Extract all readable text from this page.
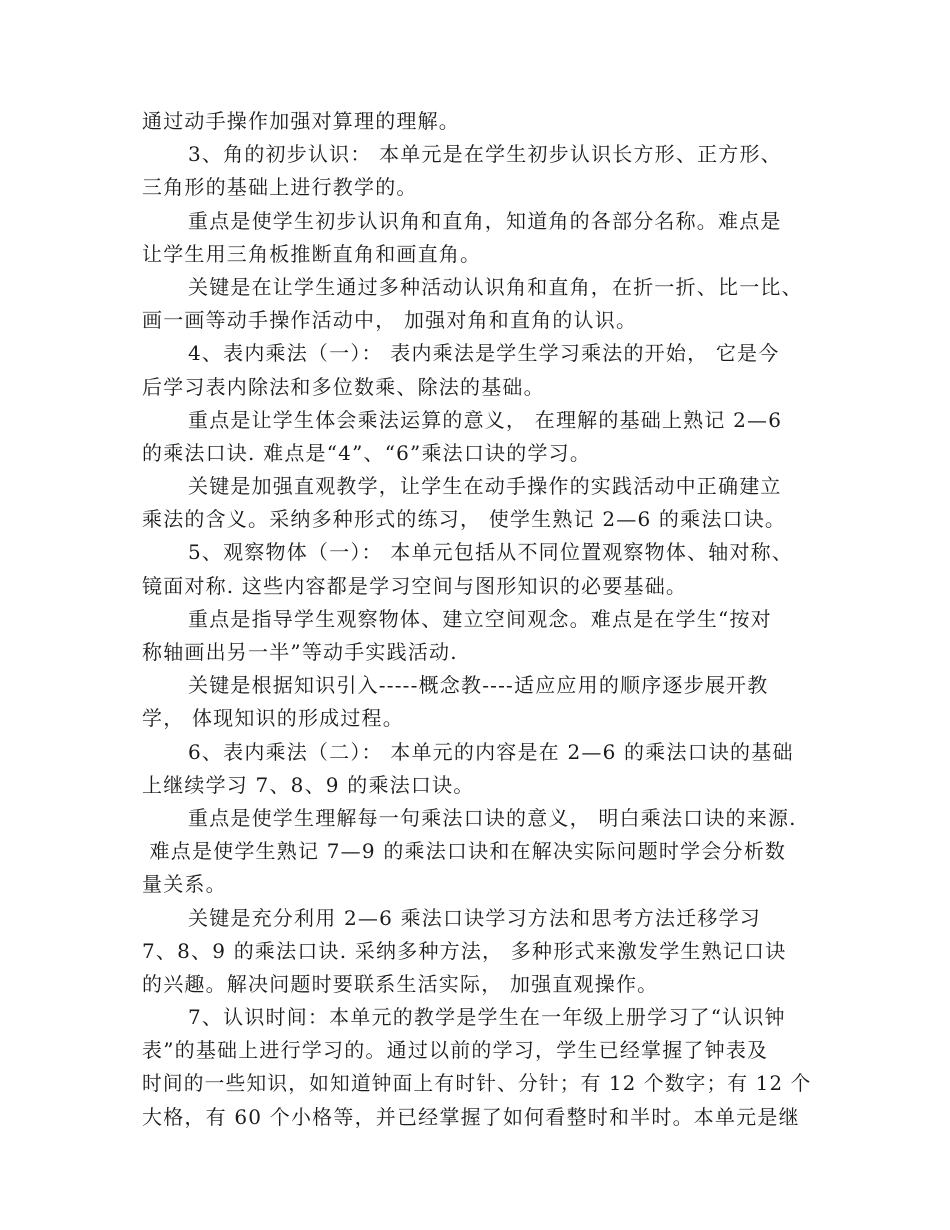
通过动手操作加强对算理的理解。
3、角的初步认识： 本单元是在学生初步认识长方形、正方形、
三角形的基础上进行教学的。
重点是使学生初步认识角和直角，知道角的各部分名称。难点是
让学生用三角板推断直角和画直角。
关键是在让学生通过多种活动认识角和直角，在折一折、比一比、
画一画等动手操作活动中， 加强对角和直角的认识。
4、表内乘法（一）： 表内乘法是学生学习乘法的开始， 它是今
后学习表内除法和多位数乘、除法的基础。
重点是让学生体会乘法运算的意义， 在理解的基础上熟记 2—6
的乘法口诀. 难点是“4”、“6”乘法口诀的学习。
关键是加强直观教学，让学生在动手操作的实践活动中正确建立
乘法的含义。采纳多种形式的练习， 使学生熟记 2—6 的乘法口诀。
5、观察物体（一）： 本单元包括从不同位置观察物体、轴对称、
镜面对称. 这些内容都是学习空间与图形知识的必要基础。
重点是指导学生观察物体、建立空间观念。难点是在学生“按对
称轴画出另一半”等动手实践活动.
关键是根据知识引入-----概念教----适应应用的顺序逐步展开教
学， 体现知识的形成过程。
6、表内乘法（二）： 本单元的内容是在 2—6 的乘法口诀的基础
上继续学习 7、8、9 的乘法口诀。
重点是使学生理解每一句乘法口诀的意义， 明白乘法口诀的来源.
难点是使学生熟记 7—9 的乘法口诀和在解决实际问题时学会分析数
量关系。
关键是充分利用 2—6 乘法口诀学习方法和思考方法迁移学习
7、8、9 的乘法口诀. 采纳多种方法， 多种形式来激发学生熟记口诀
的兴趣。解决问题时要联系生活实际， 加强直观操作。
7、认识时间：本单元的教学是学生在一年级上册学习了“认识钟
表”的基础上进行学习的。通过以前的学习，学生已经掌握了钟表及
时间的一些知识，如知道钟面上有时针、分针；有 12 个数字；有 12 个
大格，有 60 个小格等，并已经掌握了如何看整时和半时。本单元是继
